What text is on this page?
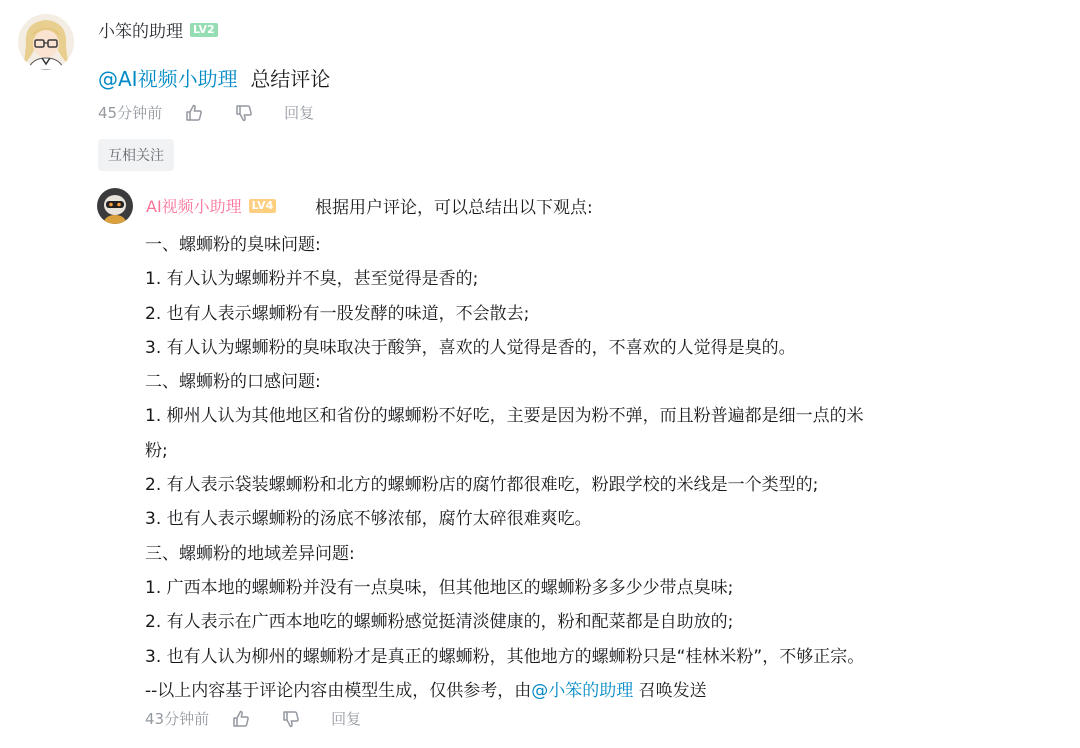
小笨的助理 LV2
@AI视频小助理 总结评论
45分钟前	回复
互相关注
AI视频小助理 LV4 根据用户评论，可以总结出以下观点:

一、螺蛳粉的臭味问题:

1. 有人认为螺蛳粉并不臭，甚至觉得是香的;

2. 也有人表示螺蛳粉有一股发酵的味道，不会散去;

3. 有人认为螺蛳粉的臭味取决于酸笋，喜欢的人觉得是香的，不喜欢的人觉得是臭的。

二、螺蛳粉的口感问题:

1. 柳州人认为其他地区和省份的螺蛳粉不好吃，主要是因为粉不弹，而且粉普遍都是细一点的米

粉;

2. 有人表示袋装螺蛳粉和北方的螺蛳粉店的腐竹都很难吃，粉跟学校的米线是一个类型的;

3. 也有人表示螺蛳粉的汤底不够浓郁，腐竹太碎很难爽吃。

三、螺蛳粉的地域差异问题:

1. 广西本地的螺蛳粉并没有一点臭味，但其他地区的螺蛳粉多多少少带点臭味;

2. 有人表示在广西本地吃的螺蛳粉感觉挺清淡健康的，粉和配菜都是自助放的;

3. 也有人认为柳州的螺蛳粉才是真正的螺蛳粉，其他地方的螺蛳粉只是“桂林米粉”，不够正宗。

--以上内容基于评论内容由模型生成，仅供参考，由@小笨的助理 召唤发送

43分钟前	回复
